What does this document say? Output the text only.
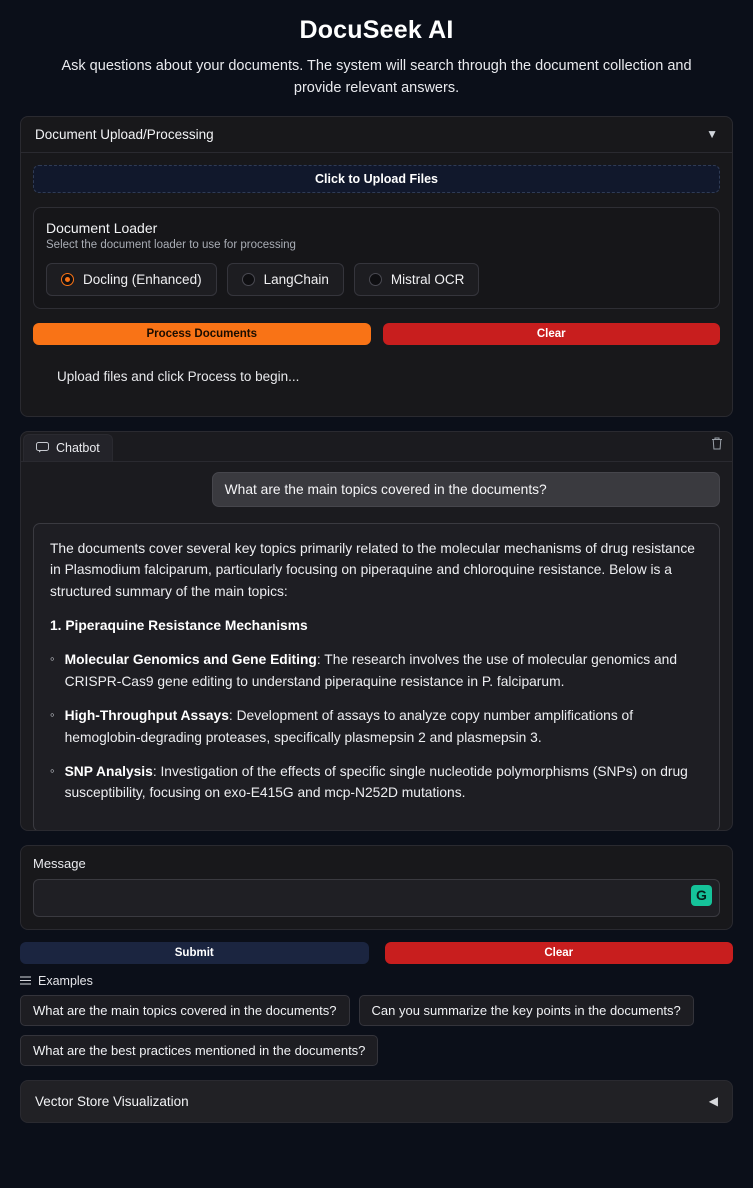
DocuSeek AI
Ask questions about your documents. The system will search through the document collection and provide relevant answers.
Document Upload/Processing	▼
Click to Upload Files
Document Loader
Select the document loader to use for processing
Docling (Enhanced)	LangChain	Mistral OCR
Process Documents	Clear
Upload files and click Process to begin...
Chatbot
What are the main topics covered in the documents?

The documents cover several key topics primarily related to the molecular mechanisms of drug resistance in Plasmodium falciparum, particularly focusing on piperaquine and chloroquine resistance. Below is a structured summary of the main topics:

1. Piperaquine Resistance Mechanisms

◦ Molecular Genomics and Gene Editing: The research involves the use of molecular genomics and CRISPR-Cas9 gene editing to understand piperaquine resistance in P. falciparum.
◦ High-Throughput Assays: Development of assays to analyze copy number amplifications of hemoglobin-degrading proteases, specifically plasmepsin 2 and plasmepsin 3.
◦ SNP Analysis: Investigation of the effects of specific single nucleotide polymorphisms (SNPs) on drug susceptibility, focusing on exo-E415G and mcp-N252D mutations.
Message
G
Submit	Clear
Examples
What are the main topics covered in the documents?	Can you summarize the key points in the documents?
What are the best practices mentioned in the documents?
Vector Store Visualization	◀
